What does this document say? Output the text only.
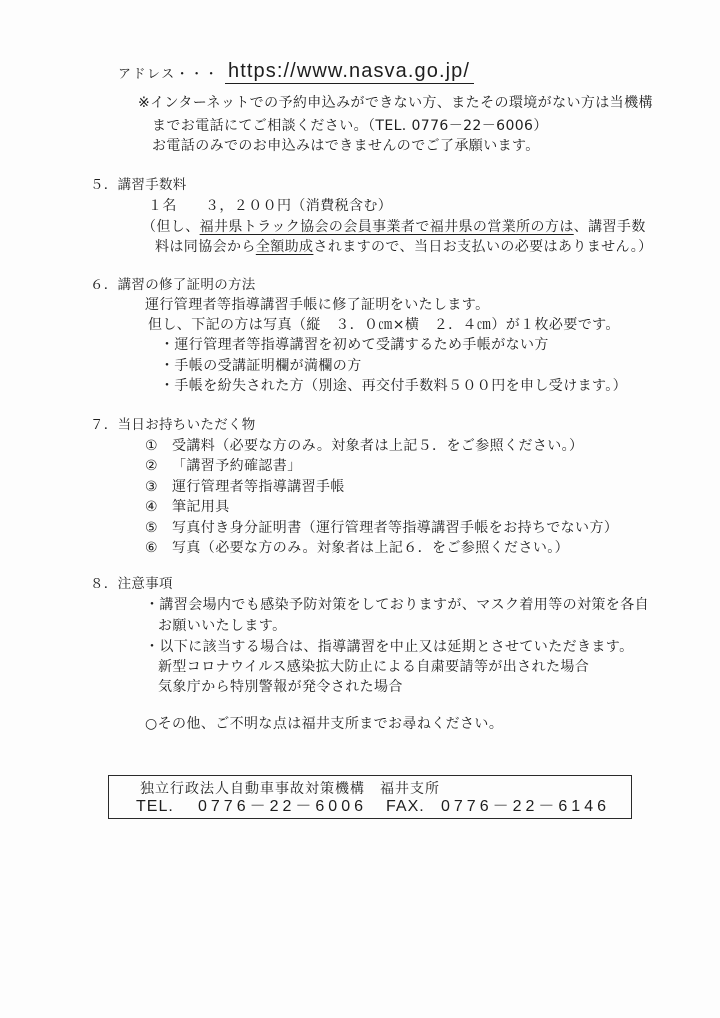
アドレス・・・ https://www.nasva.go.jp/
※インターネットでの予約申込みができない方、またその環境がない方は当機構
までお電話にてご相談ください。（TEL. 0776－22－6006）
お電話のみでのお申込みはできませんのでご了承願います。
５．講習手数料
１名 ３，２００円（消費税含む）
（但し、福井県トラック協会の会員事業者で福井県の営業所の方は、講習手数
料は同協会から全額助成されますので、当日お支払いの必要はありません。）
６．講習の修了証明の方法
運行管理者等指導講習手帳に修了証明をいたします。
但し、下記の方は写真（縦　３．０㎝×横　２．４㎝）が１枚必要です。
・運行管理者等指導講習を初めて受講するため手帳がない方
・手帳の受講証明欄が満欄の方
・手帳を紛失された方（別途、再交付手数料５００円を申し受けます。）
７．当日お持ちいただく物
① 受講料（必要な方のみ。対象者は上記５．をご参照ください。）
② 「講習予約確認書」
③ 運行管理者等指導講習手帳
④ 筆記用具
⑤ 写真付き身分証明書（運行管理者等指導講習手帳をお持ちでない方）
⑥ 写真（必要な方のみ。対象者は上記６．をご参照ください。）
８．注意事項
・講習会場内でも感染予防対策をしておりますが、マスク着用等の対策を各自
お願いいたします。
・以下に該当する場合は、指導講習を中止又は延期とさせていただきます。
新型コロナウイルス感染拡大防止による自粛要請等が出された場合
気象庁から特別警報が発令された場合
○その他、ご不明な点は福井支所までお尋ねください。
独立行政法人自動車事故対策機構　福井支所
TEL. 0776－22－6006 FAX. 0776－22－6146
